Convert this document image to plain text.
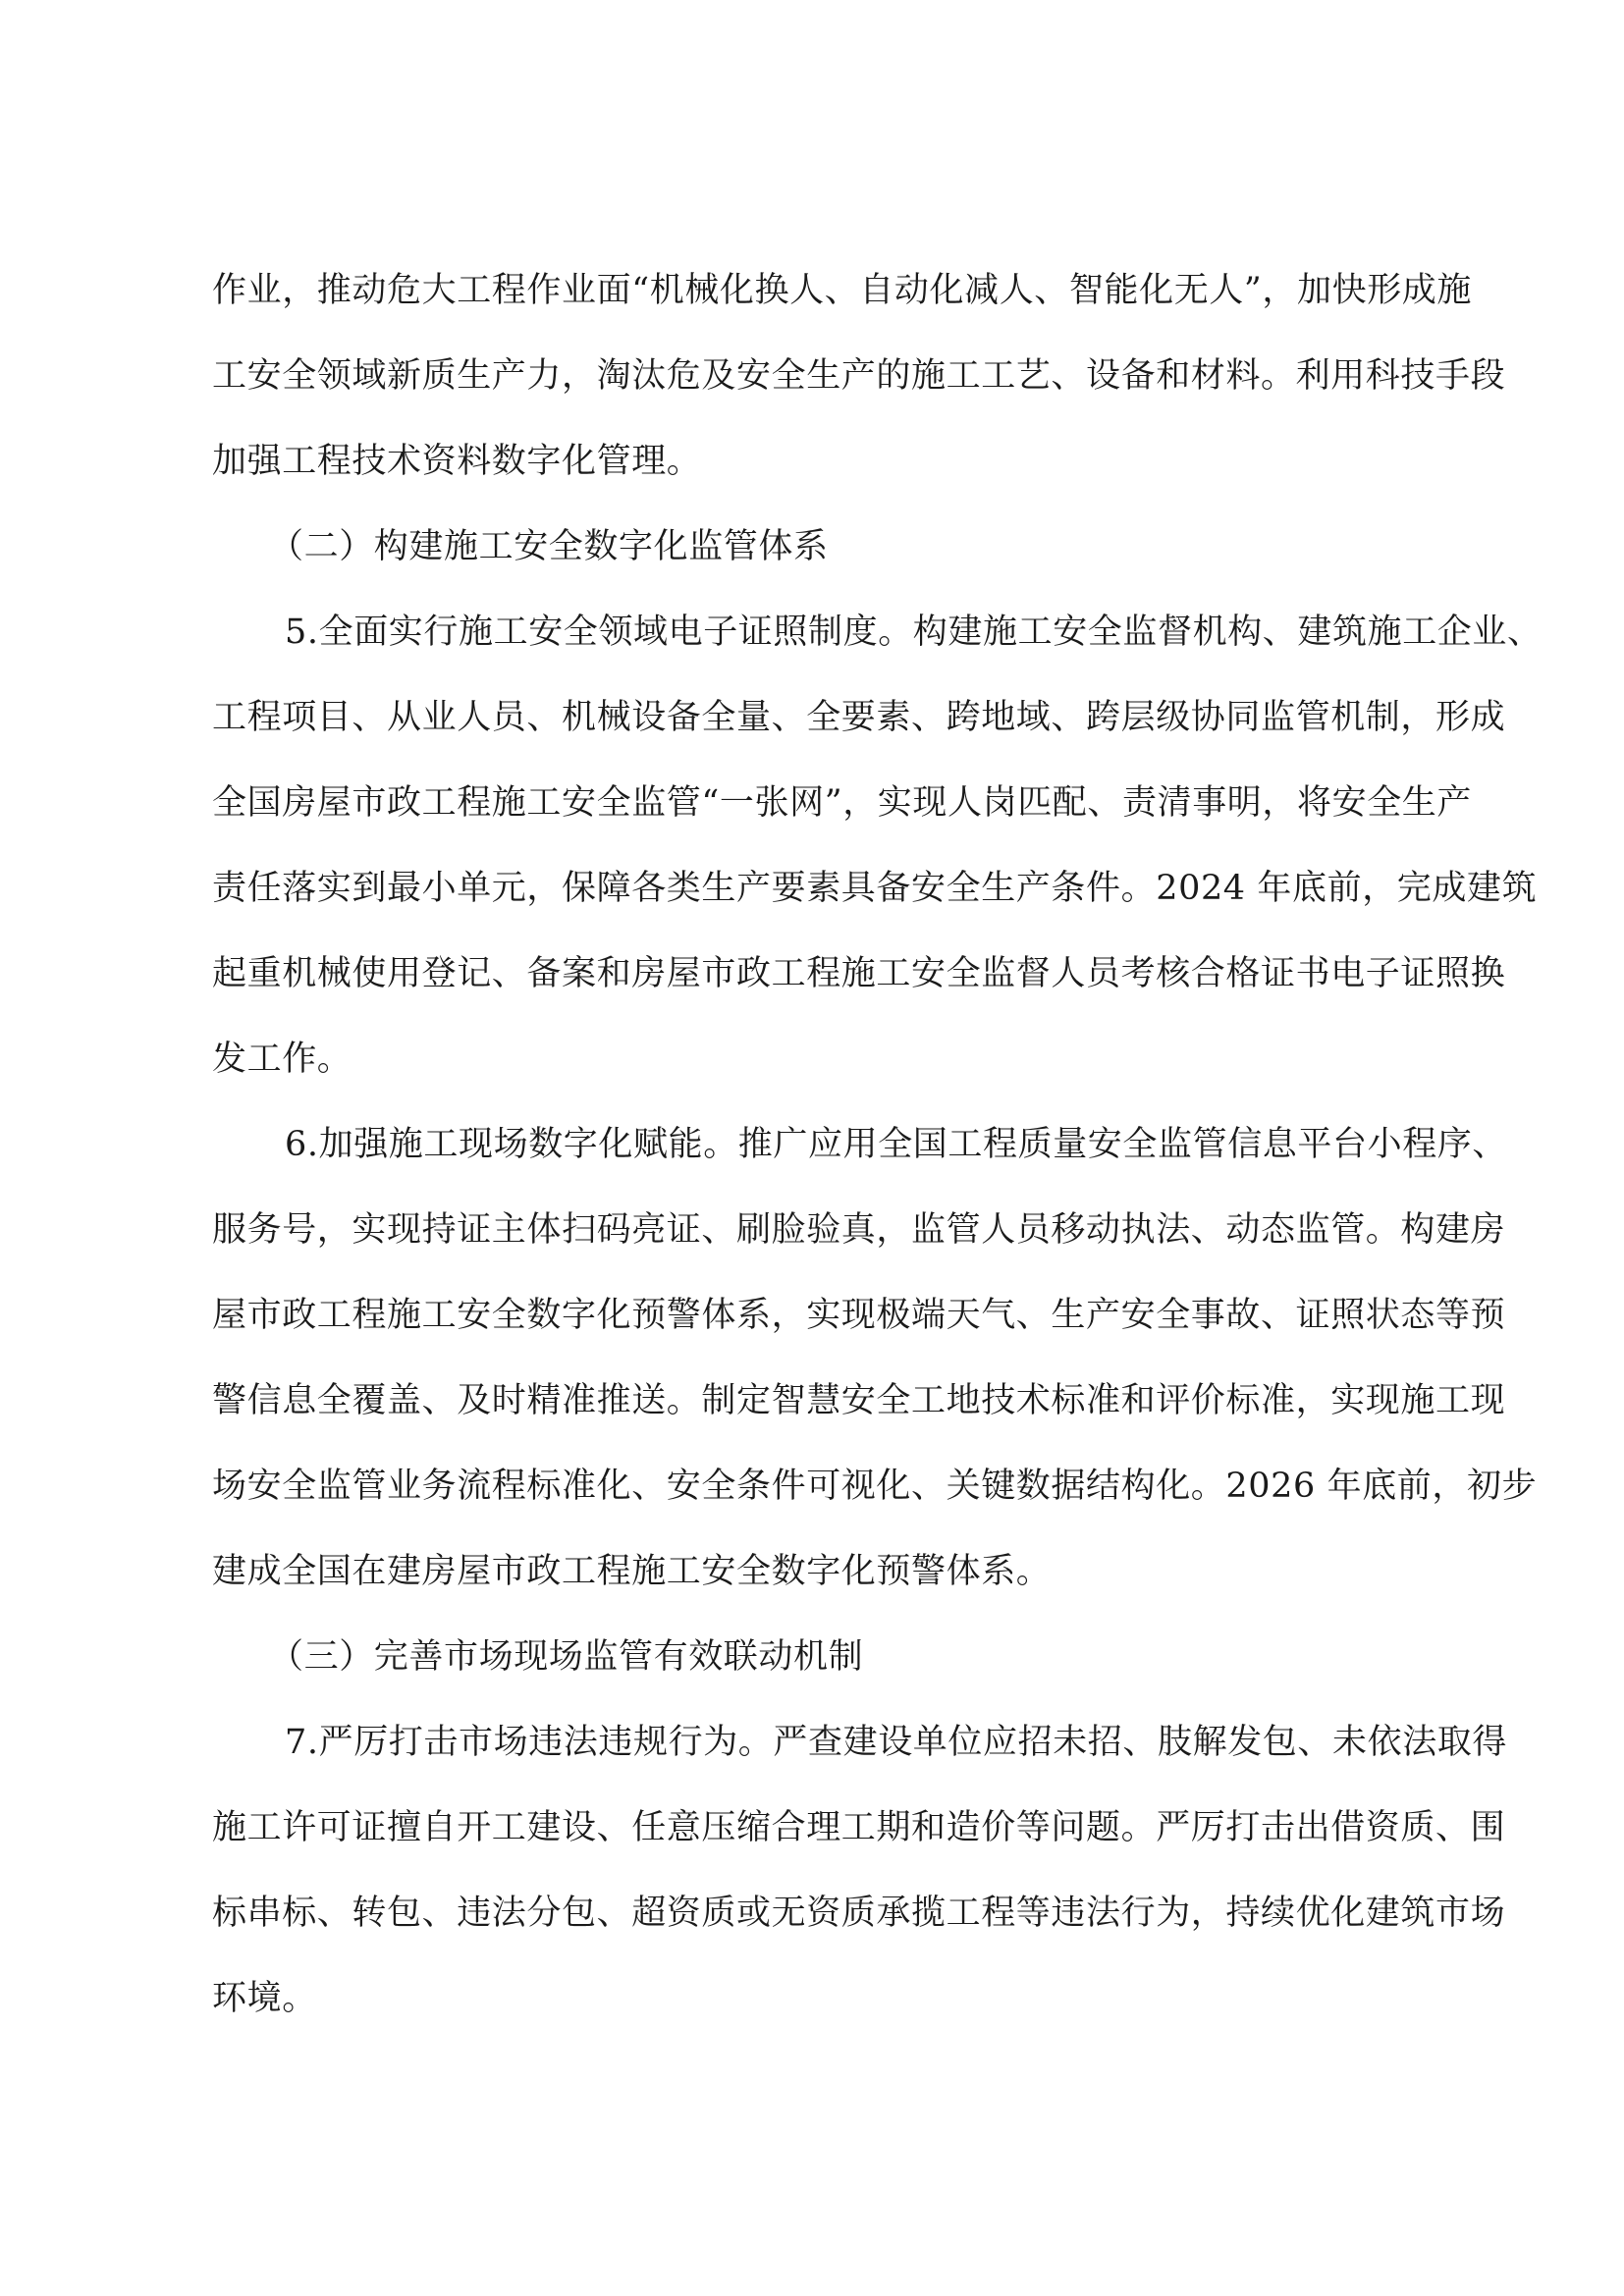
作业，推动危大工程作业面“机械化换人、自动化减人、智能化无人”，加快形成施
工安全领域新质生产力，淘汰危及安全生产的施工工艺、设备和材料。利用科技手段
加强工程技术资料数字化管理。
（二）构建施工安全数字化监管体系
5.全面实行施工安全领域电子证照制度。构建施工安全监督机构、建筑施工企业、
工程项目、从业人员、机械设备全量、全要素、跨地域、跨层级协同监管机制，形成
全国房屋市政工程施工安全监管“一张网”，实现人岗匹配、责清事明，将安全生产
责任落实到最小单元，保障各类生产要素具备安全生产条件。2024 年底前，完成建筑
起重机械使用登记、备案和房屋市政工程施工安全监督人员考核合格证书电子证照换
发工作。
6.加强施工现场数字化赋能。推广应用全国工程质量安全监管信息平台小程序、
服务号，实现持证主体扫码亮证、刷脸验真，监管人员移动执法、动态监管。构建房
屋市政工程施工安全数字化预警体系，实现极端天气、生产安全事故、证照状态等预
警信息全覆盖、及时精准推送。制定智慧安全工地技术标准和评价标准，实现施工现
场安全监管业务流程标准化、安全条件可视化、关键数据结构化。2026 年底前，初步
建成全国在建房屋市政工程施工安全数字化预警体系。
（三）完善市场现场监管有效联动机制
7.严厉打击市场违法违规行为。严查建设单位应招未招、肢解发包、未依法取得
施工许可证擅自开工建设、任意压缩合理工期和造价等问题。严厉打击出借资质、围
标串标、转包、违法分包、超资质或无资质承揽工程等违法行为，持续优化建筑市场
环境。
